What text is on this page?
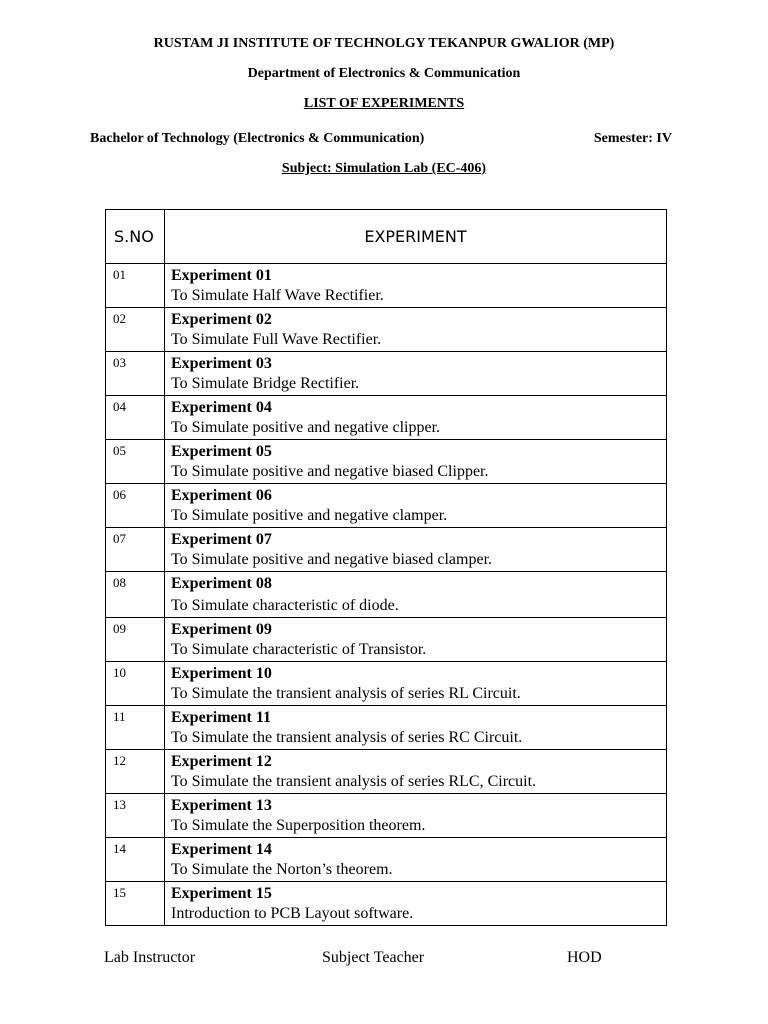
RUSTAM JI INSTITUTE OF TECHNOLGY TEKANPUR GWALIOR (MP)
Department of Electronics & Communication
LIST OF EXPERIMENTS
Bachelor of Technology (Electronics & Communication)	Semester: IV
Subject: Simulation Lab (EC-406)
S.NO	EXPERIMENT
01	Experiment 01
To Simulate Half Wave Rectifier.

02	Experiment 02
To Simulate Full Wave Rectifier.

03	Experiment 03
To Simulate Bridge Rectifier.

04	Experiment 04
To Simulate positive and negative clipper.

05	Experiment 05
To Simulate positive and negative biased Clipper.

06	Experiment 06
To Simulate positive and negative clamper.

07	Experiment 07
To Simulate positive and negative biased clamper.

08	Experiment 08
To Simulate characteristic of diode.

09	Experiment 09
To Simulate characteristic of Transistor.

10	Experiment 10
To Simulate the transient analysis of series RL Circuit.

11	Experiment 11
To Simulate the transient analysis of series RC Circuit.

12	Experiment 12
To Simulate the transient analysis of series RLC, Circuit.

13	Experiment 13
To Simulate the Superposition theorem.

14	Experiment 14
To Simulate the Norton’s theorem.

15	Experiment 15
Introduction to PCB Layout software.
Lab Instructor	Subject Teacher	HOD
